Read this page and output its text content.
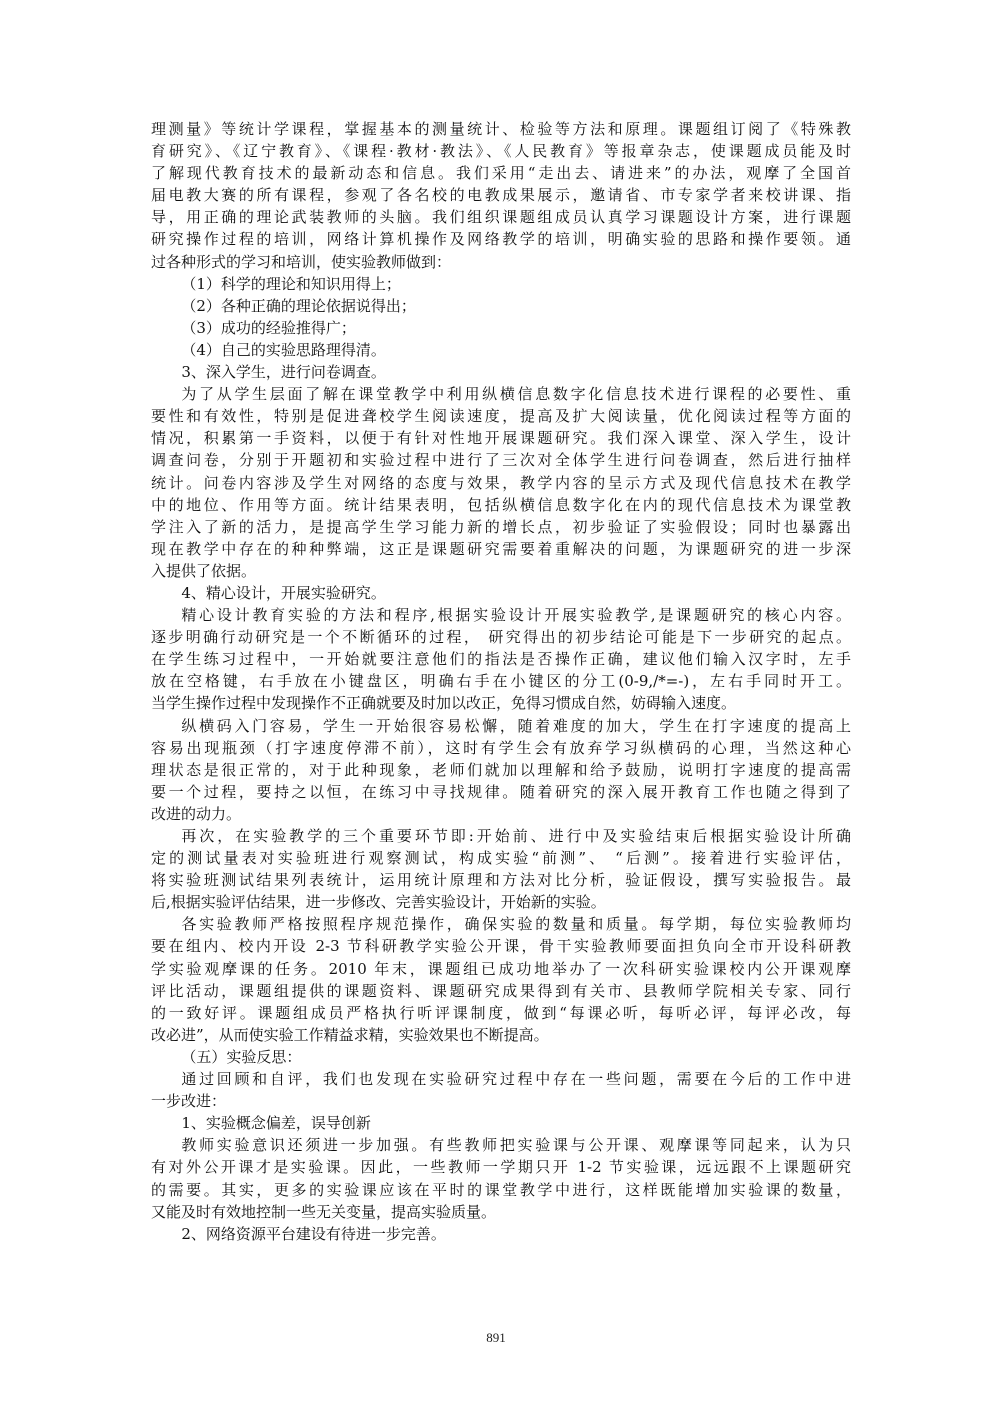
理测量》等统计学课程，掌握基本的测量统计、检验等方法和原理。课题组订阅了《特殊教
育研究》、《辽宁教育》、《课程·教材·教法》、《人民教育》等报章杂志，使课题成员能及时
了解现代教育技术的最新动态和信息。我们采用“走出去、请进来”的办法，观摩了全国首
届电教大赛的所有课程，参观了各名校的电教成果展示，邀请省、市专家学者来校讲课、指
导，用正确的理论武装教师的头脑。我们组织课题组成员认真学习课题设计方案，进行课题
研究操作过程的培训，网络计算机操作及网络教学的培训，明确实验的思路和操作要领。通
过各种形式的学习和培训，使实验教师做到：
（1）科学的理论和知识用得上；
（2）各种正确的理论依据说得出；
（3）成功的经验推得广；
（4）自己的实验思路理得清。
3、深入学生，进行问卷调查。
为了从学生层面了解在课堂教学中利用纵横信息数字化信息技术进行课程的必要性、重
要性和有效性，特别是促进聋校学生阅读速度，提高及扩大阅读量，优化阅读过程等方面的
情况，积累第一手资料，以便于有针对性地开展课题研究。我们深入课堂、深入学生，设计
调查问卷，分别于开题初和实验过程中进行了三次对全体学生进行问卷调查，然后进行抽样
统计。问卷内容涉及学生对网络的态度与效果，教学内容的呈示方式及现代信息技术在教学
中的地位、作用等方面。统计结果表明，包括纵横信息数字化在内的现代信息技术为课堂教
学注入了新的活力，是提高学生学习能力新的增长点，初步验证了实验假设；同时也暴露出
现在教学中存在的种种弊端，这正是课题研究需要着重解决的问题，为课题研究的进一步深
入提供了依据。
4、精心设计，开展实验研究。
精心设计教育实验的方法和程序,根据实验设计开展实验教学,是课题研究的核心内容。
逐步明确行动研究是一个不断循环的过程， 研究得出的初步结论可能是下一步研究的起点。
在学生练习过程中，一开始就要注意他们的指法是否操作正确，建议他们输入汉字时，左手
放在空格键，右手放在小键盘区，明确右手在小键区的分工(0-9,/*=-)，左右手同时开工。
当学生操作过程中发现操作不正确就要及时加以改正，免得习惯成自然，妨碍输入速度。
纵横码入门容易，学生一开始很容易松懈，随着难度的加大，学生在打字速度的提高上
容易出现瓶颈（打字速度停滞不前），这时有学生会有放弃学习纵横码的心理，当然这种心
理状态是很正常的，对于此种现象，老师们就加以理解和给予鼓励，说明打字速度的提高需
要一个过程，要持之以恒，在练习中寻找规律。随着研究的深入展开教育工作也随之得到了
改进的动力。
再次，在实验教学的三个重要环节即:开始前、进行中及实验结束后根据实验设计所确
定的测试量表对实验班进行观察测试，构成实验“前测”、 “后测”。接着进行实验评估，
将实验班测试结果列表统计，运用统计原理和方法对比分析，验证假设，撰写实验报告。最
后,根据实验评估结果，进一步修改、完善实验设计，开始新的实验。
各实验教师严格按照程序规范操作，确保实验的数量和质量。每学期，每位实验教师均
要在组内、校内开设 2-3 节科研教学实验公开课，骨干实验教师要面担负向全市开设科研教
学实验观摩课的任务。2010 年末，课题组已成功地举办了一次科研实验课校内公开课观摩
评比活动，课题组提供的课题资料、课题研究成果得到有关市、县教师学院相关专家、同行
的一致好评。课题组成员严格执行听评课制度，做到“每课必听，每听必评，每评必改，每
改必进”，从而使实验工作精益求精，实验效果也不断提高。
（五）实验反思：
通过回顾和自评，我们也发现在实验研究过程中存在一些问题，需要在今后的工作中进
一步改进：
1、实验概念偏差，误导创新
教师实验意识还须进一步加强。有些教师把实验课与公开课、观摩课等同起来，认为只
有对外公开课才是实验课。因此，一些教师一学期只开 1-2 节实验课，远远跟不上课题研究
的需要。其实，更多的实验课应该在平时的课堂教学中进行，这样既能增加实验课的数量，
又能及时有效地控制一些无关变量，提高实验质量。
2、网络资源平台建设有待进一步完善。
891
